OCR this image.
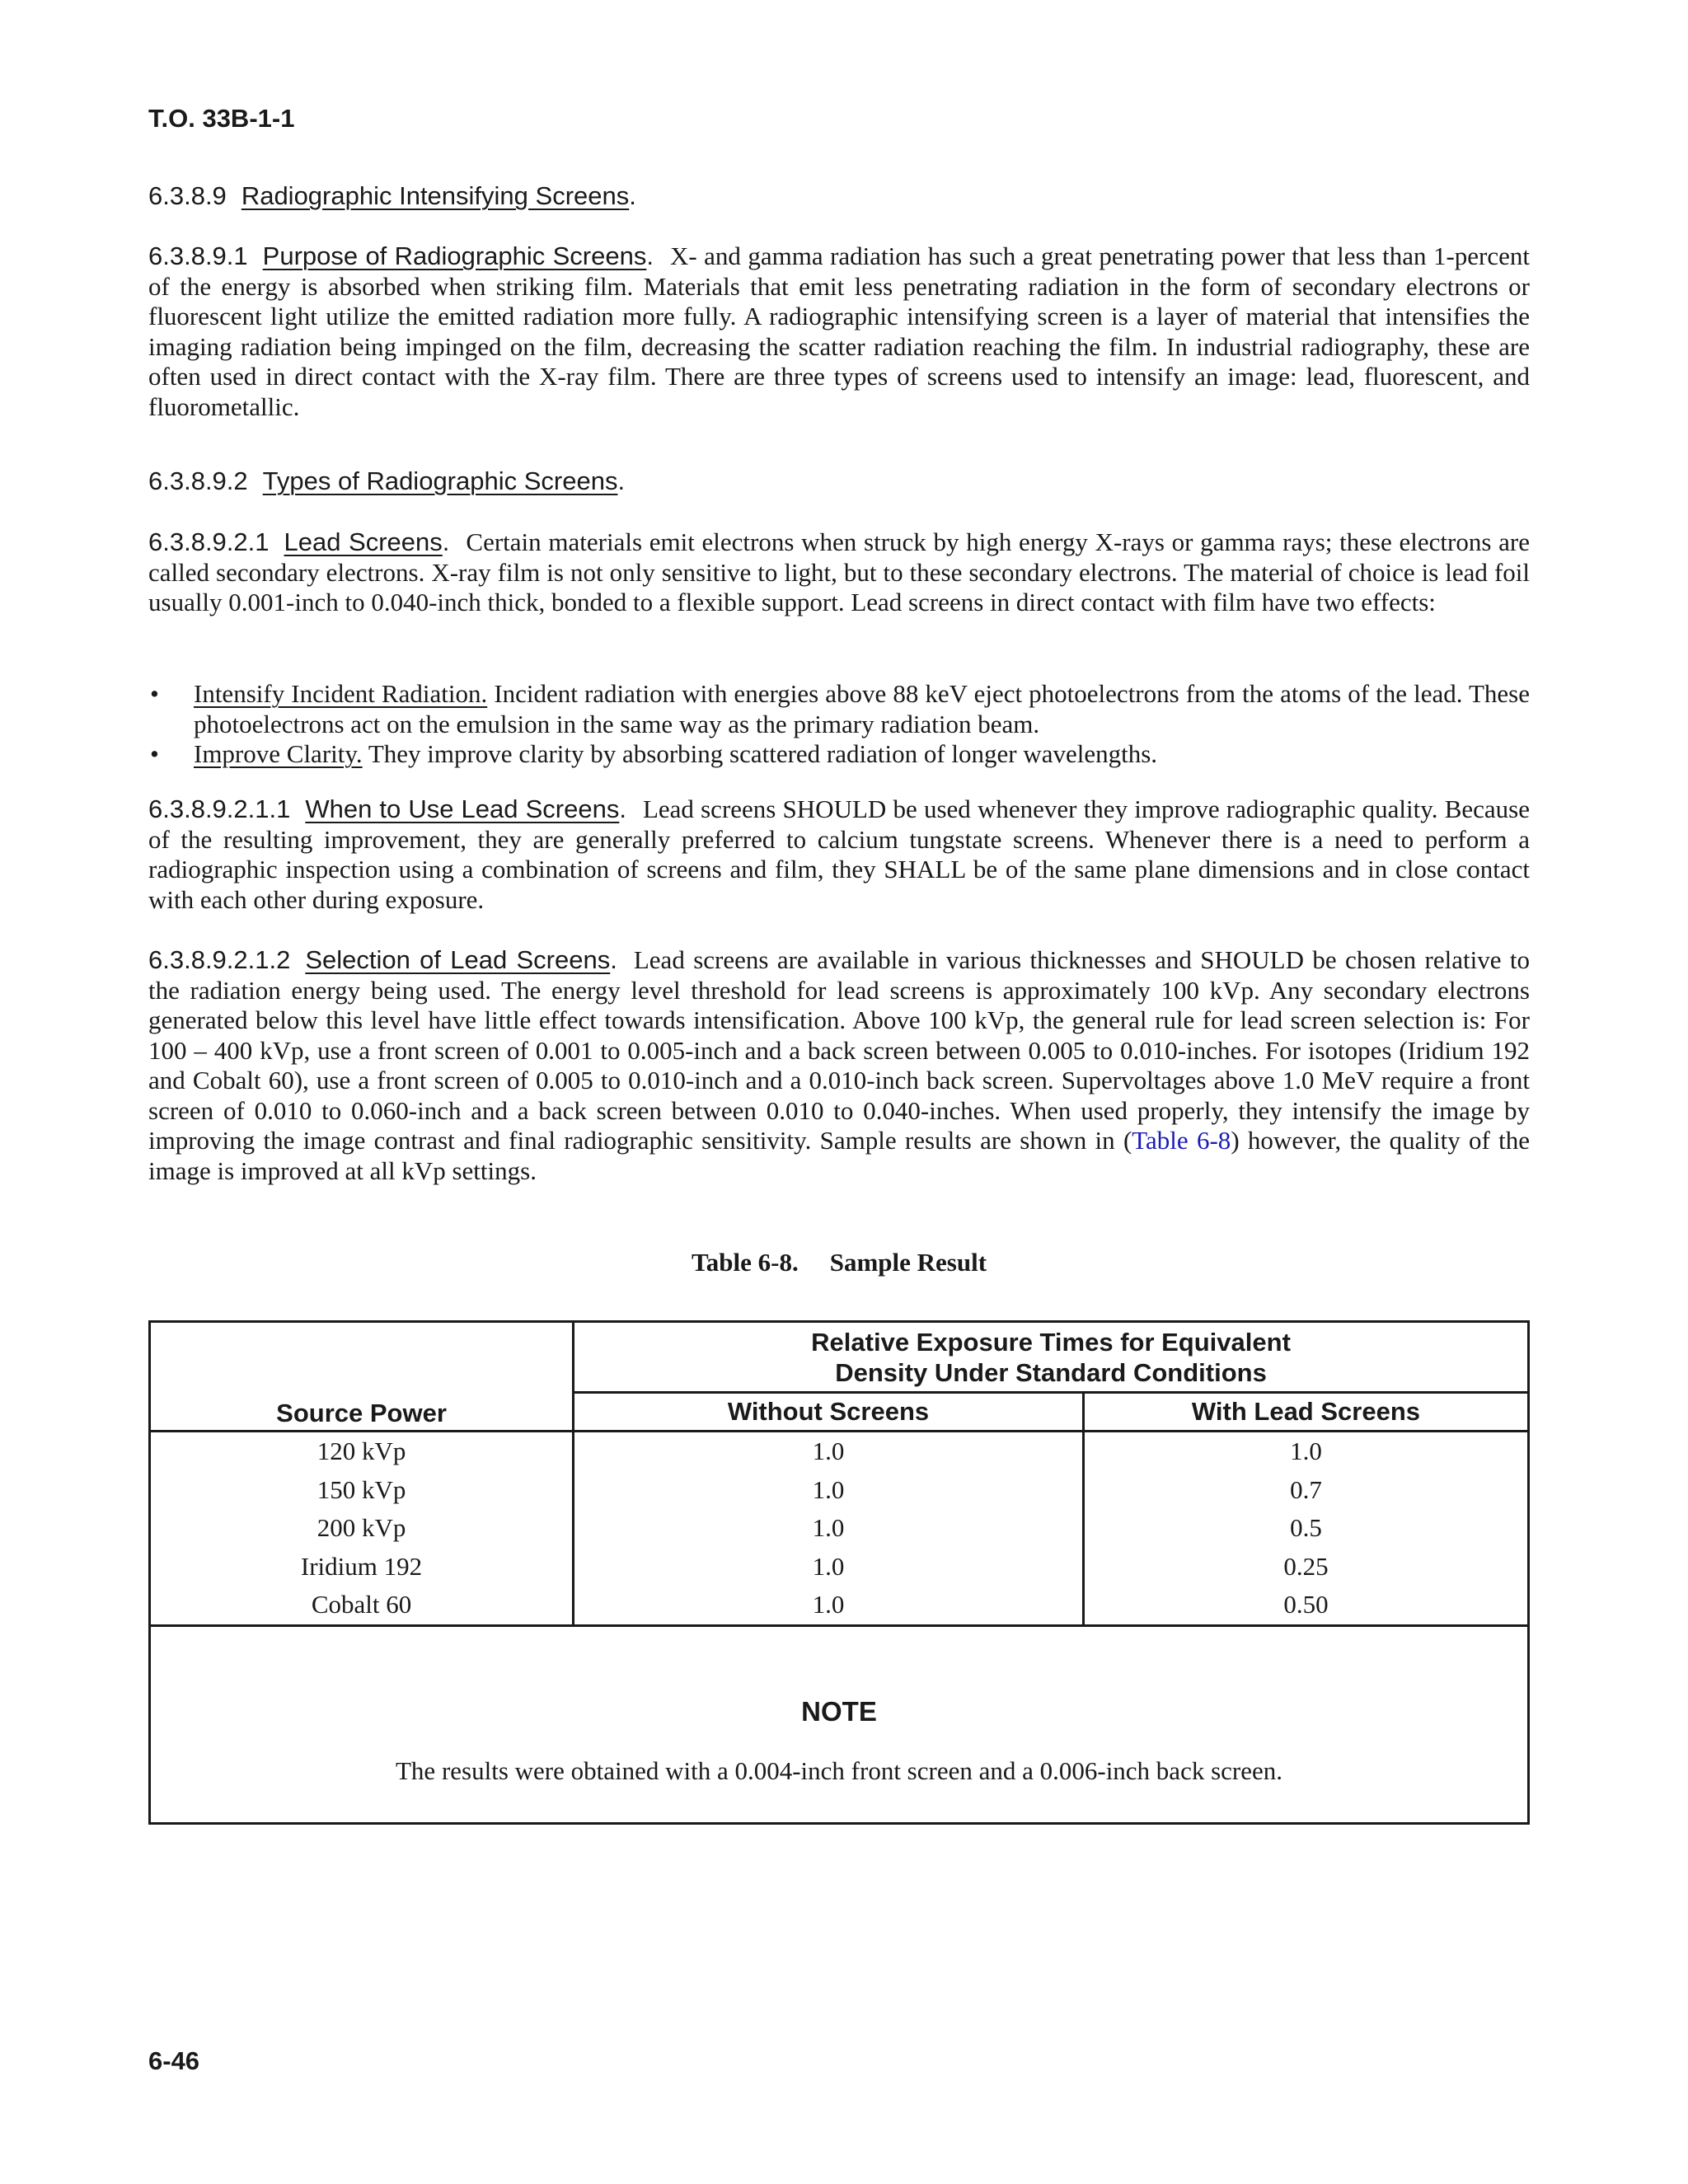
T.O. 33B-1-1
6.3.8.9 Radiographic Intensifying Screens.
6.3.8.9.1 Purpose of Radiographic Screens. X- and gamma radiation has such a great penetrating power that less than 1-percent of the energy is absorbed when striking film. Materials that emit less penetrating radiation in the form of secondary electrons or fluorescent light utilize the emitted radiation more fully. A radiographic intensifying screen is a layer of material that intensifies the imaging radiation being impinged on the film, decreasing the scatter radiation reaching the film. In industrial radiography, these are often used in direct contact with the X-ray film. There are three types of screens used to intensify an image: lead, fluorescent, and fluorometallic.
6.3.8.9.2 Types of Radiographic Screens.
6.3.8.9.2.1 Lead Screens. Certain materials emit electrons when struck by high energy X-rays or gamma rays; these electrons are called secondary electrons. X-ray film is not only sensitive to light, but to these secondary electrons. The material of choice is lead foil usually 0.001-inch to 0.040-inch thick, bonded to a flexible support. Lead screens in direct contact with film have two effects:
• Intensify Incident Radiation. Incident radiation with energies above 88 keV eject photoelectrons from the atoms of the lead. These photoelectrons act on the emulsion in the same way as the primary radiation beam.
• Improve Clarity. They improve clarity by absorbing scattered radiation of longer wavelengths.
6.3.8.9.2.1.1 When to Use Lead Screens. Lead screens SHOULD be used whenever they improve radiographic quality. Because of the resulting improvement, they are generally preferred to calcium tungstate screens. Whenever there is a need to perform a radiographic inspection using a combination of screens and film, they SHALL be of the same plane dimensions and in close contact with each other during exposure.
6.3.8.9.2.1.2 Selection of Lead Screens. Lead screens are available in various thicknesses and SHOULD be chosen relative to the radiation energy being used. The energy level threshold for lead screens is approximately 100 kVp. Any secondary electrons generated below this level have little effect towards intensification. Above 100 kVp, the general rule for lead screen selection is: For 100 – 400 kVp, use a front screen of 0.001 to 0.005-inch and a back screen between 0.005 to 0.010-inches. For isotopes (Iridium 192 and Cobalt 60), use a front screen of 0.005 to 0.010-inch and a 0.010-inch back screen. Supervoltages above 1.0 MeV require a front screen of 0.010 to 0.060-inch and a back screen between 0.010 to 0.040-inches. When used properly, they intensify the image by improving the image contrast and final radiographic sensitivity. Sample results are shown in (Table 6-8) however, the quality of the image is improved at all kVp settings.
Table 6-8. Sample Result
Source Power	Relative Exposure Times for Equivalent
Density Under Standard Conditions	

	Without Screens	With Lead Screens
120 kVp	1.0	1.0
150 kVp	1.0	0.7
200 kVp	1.0	0.5
Iridium 192	1.0	0.25
Cobalt 60	1.0	0.50

NOTE
The results were obtained with a 0.004-inch front screen and a 0.006-inch back screen.		
6-46
